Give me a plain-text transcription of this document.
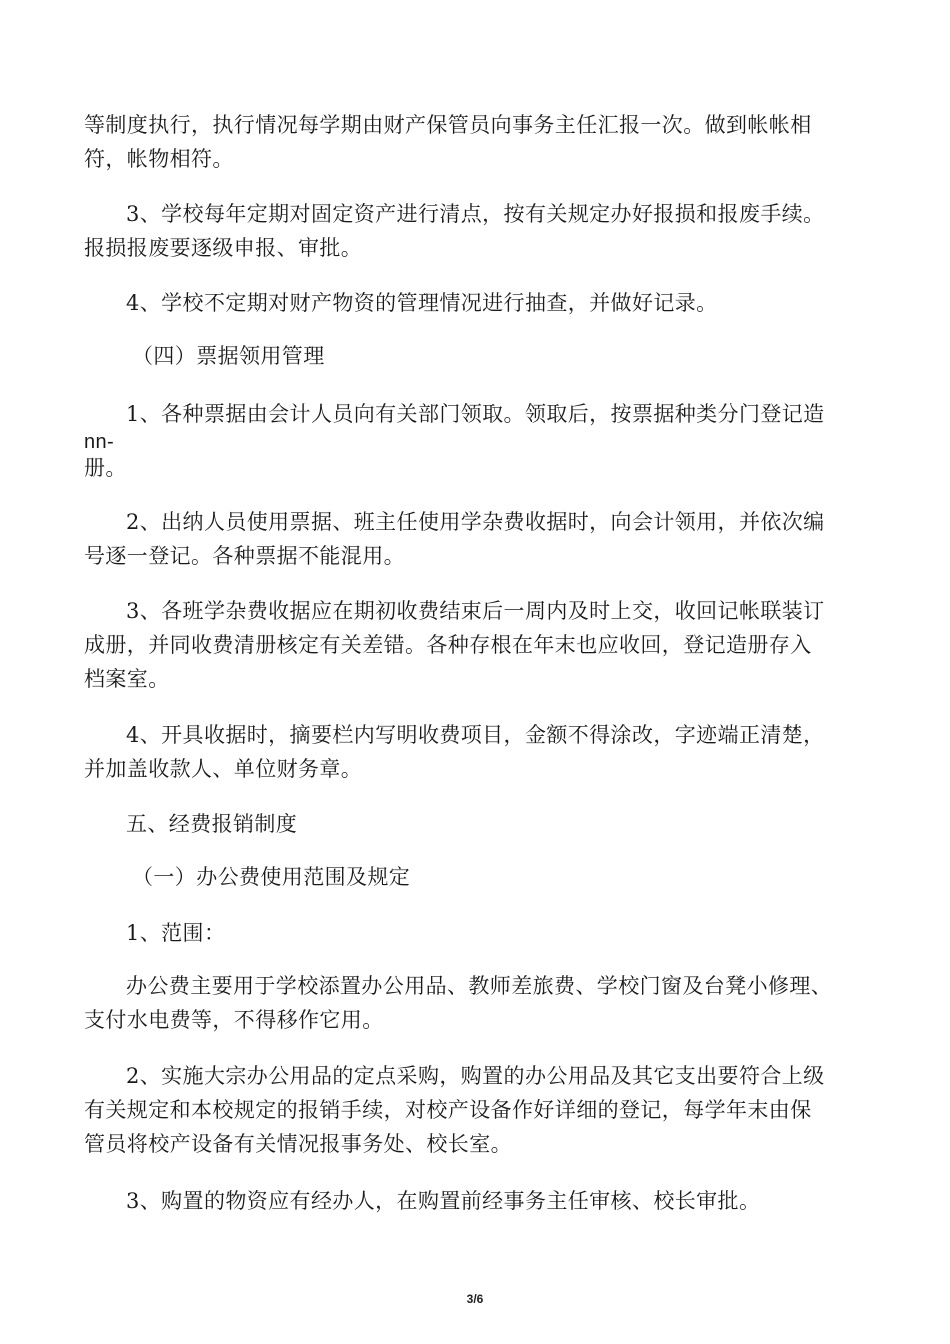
等制度执行，执行情况每学期由财产保管员向事务主任汇报一次。做到帐帐相
符，帐物相符。

3、学校每年定期对固定资产进行清点，按有关规定办好报损和报废手续。
报损报废要逐级申报、审批。

4、学校不定期对财产物资的管理情况进行抽查，并做好记录。

（四）票据领用管理

1、各种票据由会计人员向有关部门领取。领取后，按票据种类分门登记造
nn-
册。

2、出纳人员使用票据、班主任使用学杂费收据时，向会计领用，并依次编
号逐一登记。各种票据不能混用。

3、各班学杂费收据应在期初收费结束后一周内及时上交，收回记帐联装订
成册，并同收费清册核定有关差错。各种存根在年末也应收回，登记造册存入
档案室。

4、开具收据时，摘要栏内写明收费项目，金额不得涂改，字迹端正清楚，
并加盖收款人、单位财务章。

五、经费报销制度

（一）办公费使用范围及规定

1、范围：

办公费主要用于学校添置办公用品、教师差旅费、学校门窗及台凳小修理、
支付水电费等，不得移作它用。

2、实施大宗办公用品的定点采购，购置的办公用品及其它支出要符合上级
有关规定和本校规定的报销手续，对校产设备作好详细的登记，每学年末由保
管员将校产设备有关情况报事务处、校长室。

3、购置的物资应有经办人，在购置前经事务主任审核、校长审批。

3/6
